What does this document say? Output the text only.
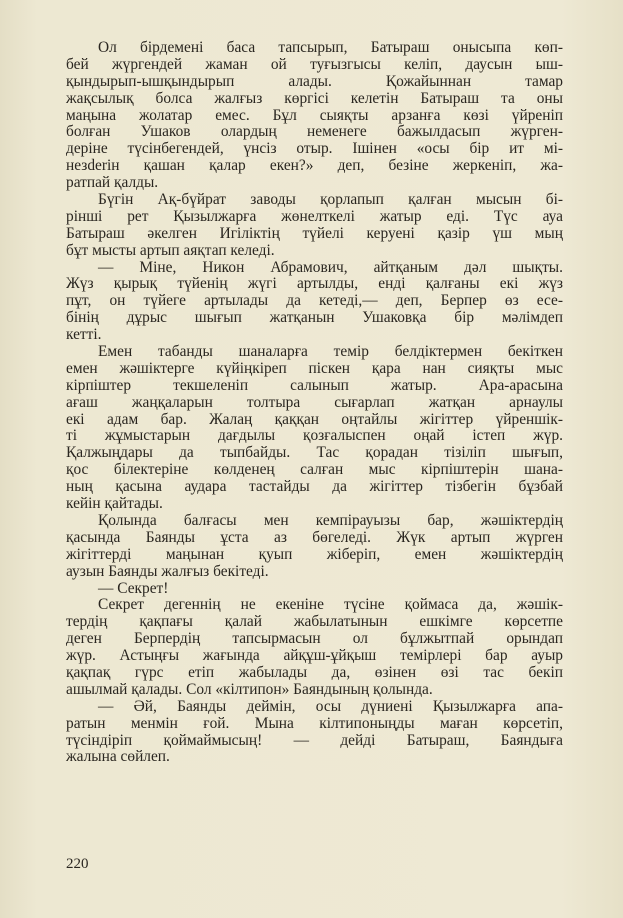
Ол бірдемені баса тапсырып, Батыраш оныcыпа көп-
бей жүргендей жаман ой туғызгысы келіп, даусын ыш-
қындырып-ышқындырып алады. Қожайыннан тамар
жақсылық болса жалғыз көргісі келетін Батыраш та оны
маңына жолатар емес. Бұл сыяқты арзанға көзі үйреніп
болған Ушаков олардың неменеге бажылдасып жүрген-
деріне түсінбегендей, үнсіз отыр. Ішінен «осы бір ит мі-
незderін қашан қалар екен?» деп, безіне жеркеніп, жа-
ратпай қалды.
Бүгін Ақ-бүйрат заводы қорлапып қалған мысын бі-
рінші рет Қызылжарға жөнелткелі жатыр еді. Түс ауа
Батыраш әкелген Игіліктің түйелі керуені қазір үш мың
бұт мысты артып аяқтап келеді.
— Міне, Никон Абрамович, айтқаным дәл шықты.
Жүз қырық түйенің жүгі артылды, енді қалғаны екі жүз
пұт, он түйеге артылады да кетеді,— деп, Берпер өз есе-
бінің дұрыс шығып жатқанын Ушаковқа бір мәлімдеп
кетті.
Емен табанды шаналарға темір белдіктермен бекіткен
емен жәшіктерге күйіңкіреп піскен қара нан сияқты мыс
кірпіштер текшеленіп салынып жатыр. Ара-арасына
ағаш жаңқаларын толтыра сығарлап жатқан арнаулы
екі адам бар. Жалаң қаққан оңтайлы жігіттер үйреншік-
ті жұмыстарын дағдылы қозғалыспен оңай істеп жүр.
Қалжыңдары да тыпбайды. Тас қорадан тізіліп шығып,
қос білектеріне көлденең салған мыс кірпіштерін шана-
ның қасына аудара тастайды да жігіттер тізбегін бұзбай
кейін қайтады.
Қолында балғасы мен кемпірауызы бар, жәшіктердің
қасында Баянды ұста аз бөгеледі. Жүк артып жүрген
жігіттерді маңынан қуып жіберіп, емен жәшіктердің
аузын Баянды жалғыз бекітеді.
— Секрет!
Секрет дегеннің не екеніне түсіне қоймаса да, жәшік-
тердің қақпағы қалай жабылатынын ешкімге көрсетпе
деген Берпердің тапсырмасын ол бұлжытпай орындап
жүр. Астыңғы жағында айқұш-ұйқыш темірлері бар ауыр
қақпақ гүрс етіп жабылады да, өзінен өзі тас бекіп
ашылмай қалады. Сол «кілтипон» Баяндының қолында.
— Әй, Баянды деймін, осы дүниені Қызылжарға апа-
ратын менмін ғой. Мына кілтипоныңды маған көрсетіп,
түсіндіріп қоймаймысың! — дейді Батыраш, Баяндыға
жалына сөйлеп.
220
